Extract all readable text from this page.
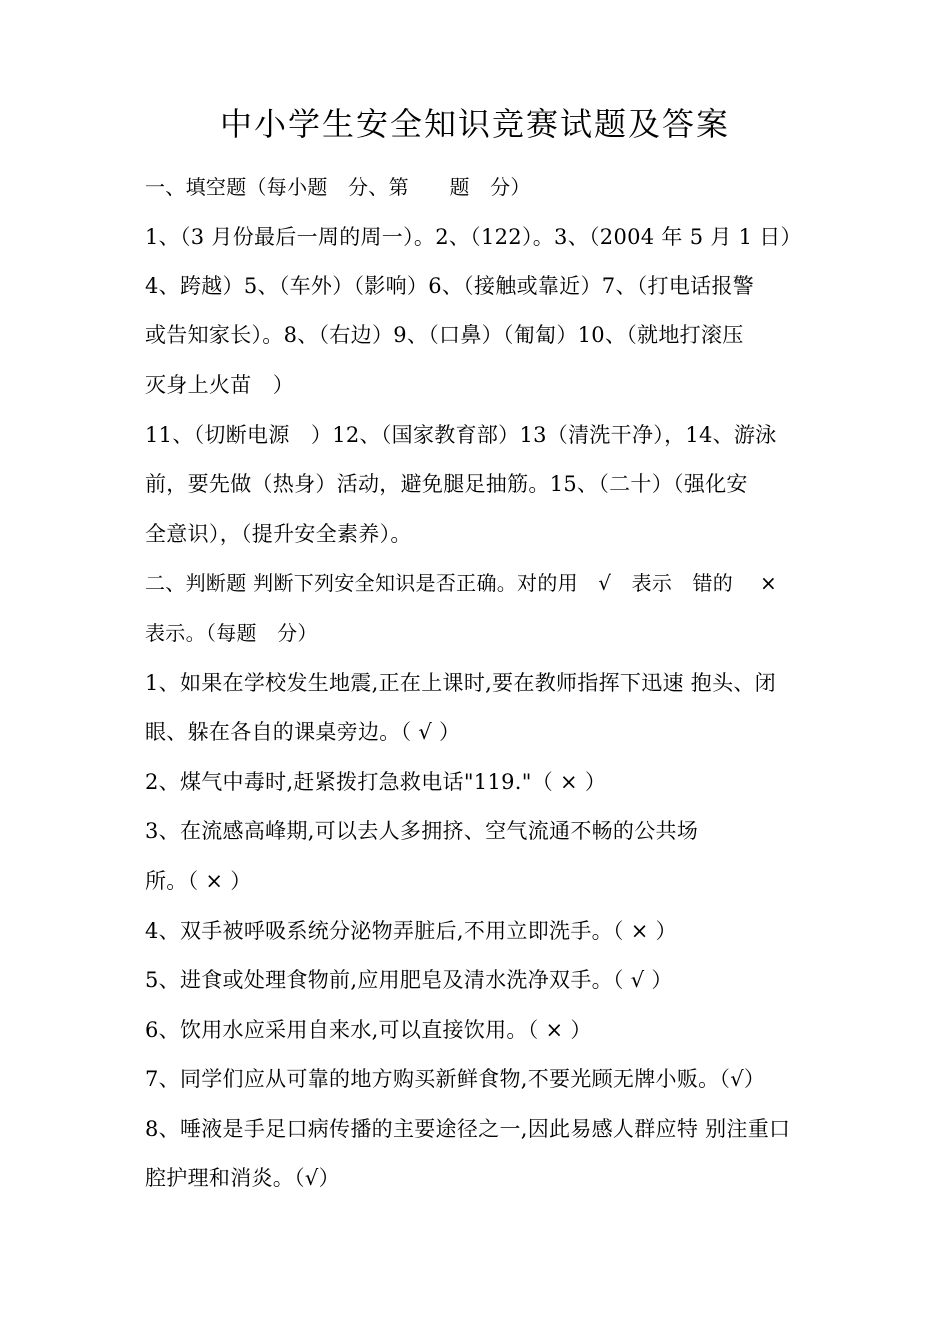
中小学生安全知识竞赛试题及答案
一、填空题（每小题　分、第　　题　分）
1、（3 月份最后一周的周一）。2、（122）。3、（2004 年 5 月 1 日）
4、跨越）5、（车外）（影响）6、（接触或靠近）7、（打电话报警
或告知家长）。8、（右边）9、（口鼻）（匍匐）10、（就地打滚压
灭身上火苗　）
11、（切断电源　）12、（国家教育部）13（清洗干净），14、游泳
前，要先做（热身）活动，避免腿足抽筋。15、（二十）（强化安
全意识），（提升安全素养）。
二、判断题 判断下列安全知识是否正确。对的用　√　表示　错的　 ×
表示。（每题　分）
1、如果在学校发生地震,正在上课时,要在教师指挥下迅速 抱头、闭
眼、躲在各自的课桌旁边。（ √ ）
2、煤气中毒时,赶紧拨打急救电话"119."（ × ）
3、在流感高峰期,可以去人多拥挤、空气流通不畅的公共场
所。（ × ）
4、双手被呼吸系统分泌物弄脏后,不用立即洗手。（ × ）
5、进食或处理食物前,应用肥皂及清水洗净双手。（ √ ）
6、饮用水应采用自来水,可以直接饮用。（ × ）
7、同学们应从可靠的地方购买新鲜食物,不要光顾无牌小贩。（√）
8、唾液是手足口病传播的主要途径之一,因此易感人群应特 别注重口
腔护理和消炎。（√）
